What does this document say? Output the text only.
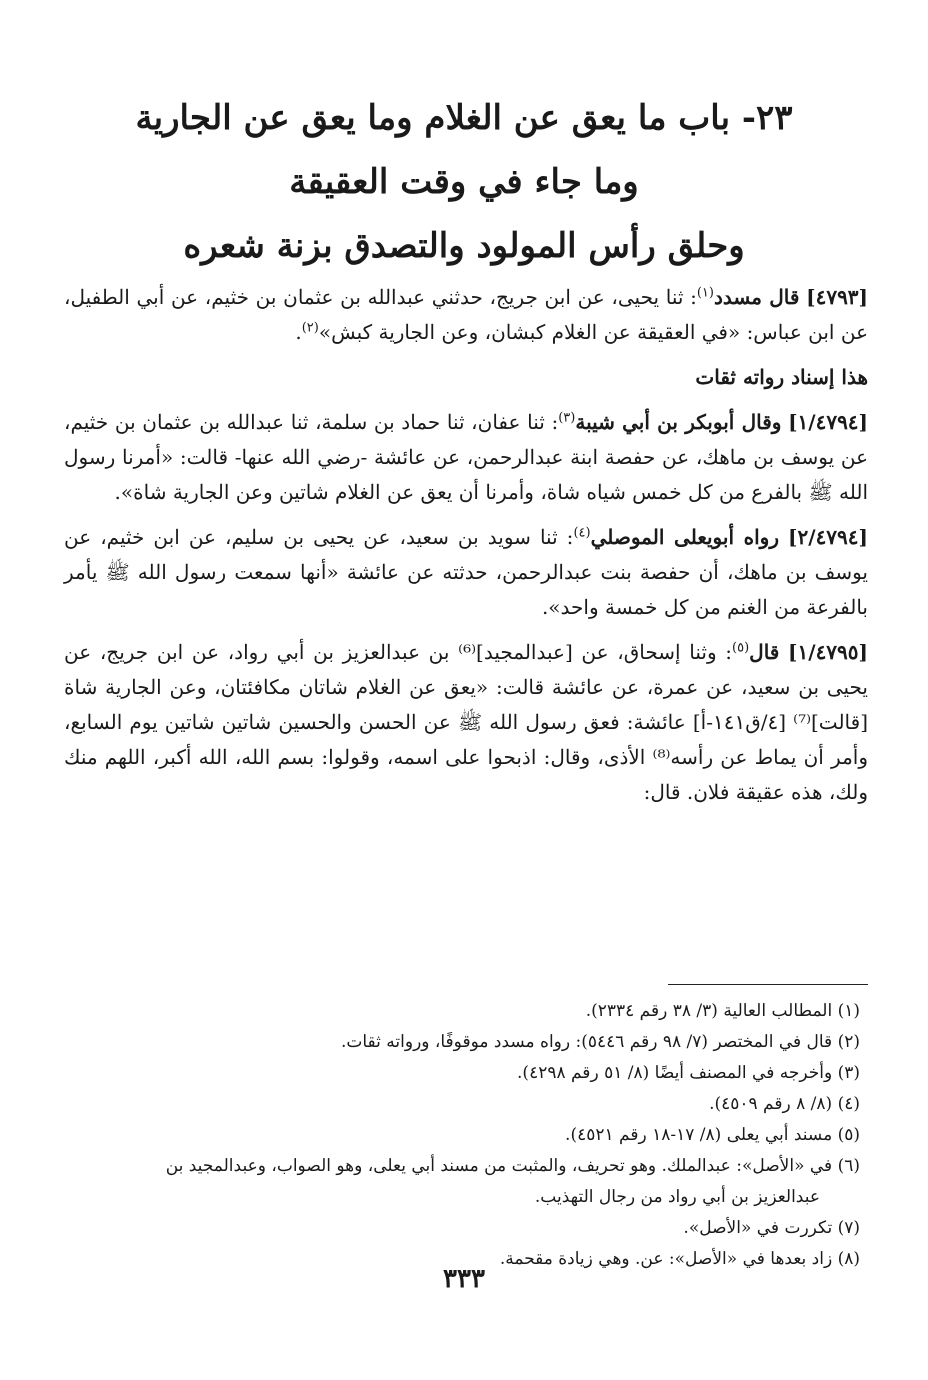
٢٣- باب ما يعق عن الغلام وما يعق عن الجارية
وما جاء في وقت العقيقة
وحلق رأس المولود والتصدق بزنة شعره

[٤٧٩٣] قال مسدد$^{(١)}$: ثنا يحيى، عن ابن جريج، حدثني عبدالله بن عثمان بن خثيم، عن أبي الطفيل، عن ابن عباس: «في العقيقة عن الغلام كبشان، وعن الجارية كبش»$^{(٢)}$.

هذا إسناد رواته ثقات

[١/٤٧٩٤] وقال أبوبكر بن أبي شيبة$^{(٣)}$: ثنا عفان، ثنا حماد بن سلمة، ثنا عبدالله بن عثمان بن خثيم، عن يوسف بن ماهك، عن حفصة ابنة عبدالرحمن، عن عائشة -رضي الله عنها- قالت: «أمرنا رسول الله ﷺ بالفرع من كل خمس شياه شاة، وأمرنا أن يعق عن الغلام شاتين وعن الجارية شاة».

[٢/٤٧٩٤] رواه أبويعلى الموصلي$^{(٤)}$: ثنا سويد بن سعيد، عن يحيى بن سليم، عن ابن خثيم، عن يوسف بن ماهك، أن حفصة بنت عبدالرحمن، حدثته عن عائشة «أنها سمعت رسول الله ﷺ يأمر بالفرعة من الغنم من كل خمسة واحد».

[١/٤٧٩٥] قال$^{(٥)}$: وثنا إسحاق، عن [عبدالمجيد]⁽⁶⁾ بن عبدالعزيز بن أبي رواد، عن ابن جريج، عن يحيى بن سعيد، عن عمرة، عن عائشة قالت: «يعق عن الغلام شاتان مكافئتان، وعن الجارية شاة [قالت]⁽⁷⁾ [٤/ق١٤١-أ] عائشة: فعق رسول الله ﷺ عن الحسن والحسين شاتين شاتين يوم السابع، وأمر أن يماط عن رأسه⁽⁸⁾ الأذى، وقال: اذبحوا على اسمه، وقولوا: بسم الله، الله أكبر، اللهم منك ولك، هذه عقيقة فلان. قال:

(١) المطالب العالية (٣/ ٣٨ رقم ٢٣٣٤).

(٢) قال في المختصر (٧/ ٩٨ رقم ٥٤٤٦): رواه مسدد موقوفًا، ورواته ثقات.

(٣) وأخرجه في المصنف أيضًا (٨/ ٥١ رقم ٤٢٩٨).

(٤) (٨/ ٨ رقم ٤٥٠٩).

(٥) مسند أبي يعلى (٨/ ١٧-١٨ رقم ٤٥٢١).

(٦) في «الأصل»: عبدالملك. وهو تحريف، والمثبت من مسند أبي يعلى، وهو الصواب، وعبدالمجيد بن

عبدالعزيز بن أبي رواد من رجال التهذيب.

(٧) تكررت في «الأصل».

(٨) زاد بعدها في «الأصل»: عن. وهي زيادة مقحمة.

٣٣٣
